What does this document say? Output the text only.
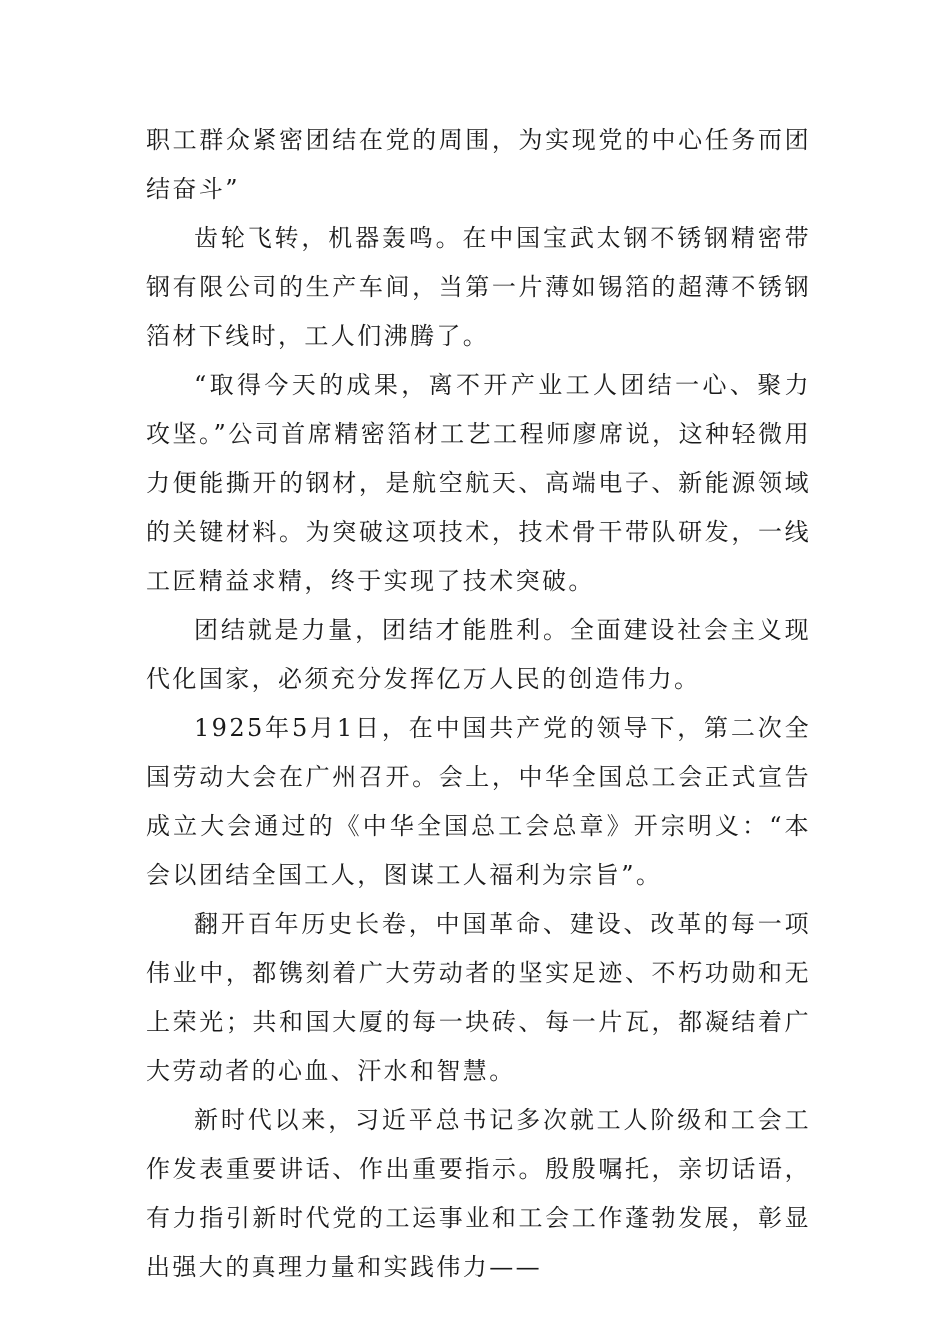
职工群众紧密团结在党的周围，为实现党的中心任务而团结奋斗”

齿轮飞转，机器轰鸣。在中国宝武太钢不锈钢精密带钢有限公司的生产车间，当第一片薄如锡箔的超薄不锈钢箔材下线时，工人们沸腾了。

“取得今天的成果，离不开产业工人团结一心、聚力攻坚。”公司首席精密箔材工艺工程师廖席说，这种轻微用力便能撕开的钢材，是航空航天、高端电子、新能源领域的关键材料。为突破这项技术，技术骨干带队研发，一线工匠精益求精，终于实现了技术突破。

团结就是力量，团结才能胜利。全面建设社会主义现代化国家，必须充分发挥亿万人民的创造伟力。

1925年5月1日，在中国共产党的领导下，第二次全国劳动大会在广州召开。会上，中华全国总工会正式宣告成立大会通过的《中华全国总工会总章》开宗明义：“本会以团结全国工人，图谋工人福利为宗旨”。

翻开百年历史长卷，中国革命、建设、改革的每一项伟业中，都镌刻着广大劳动者的坚实足迹、不朽功勋和无上荣光；共和国大厦的每一块砖、每一片瓦，都凝结着广大劳动者的心血、汗水和智慧。

新时代以来，习近平总书记多次就工人阶级和工会工作发表重要讲话、作出重要指示。殷殷嘱托，亲切话语，有力指引新时代党的工运事业和工会工作蓬勃发展，彰显出强大的真理力量和实践伟力——
